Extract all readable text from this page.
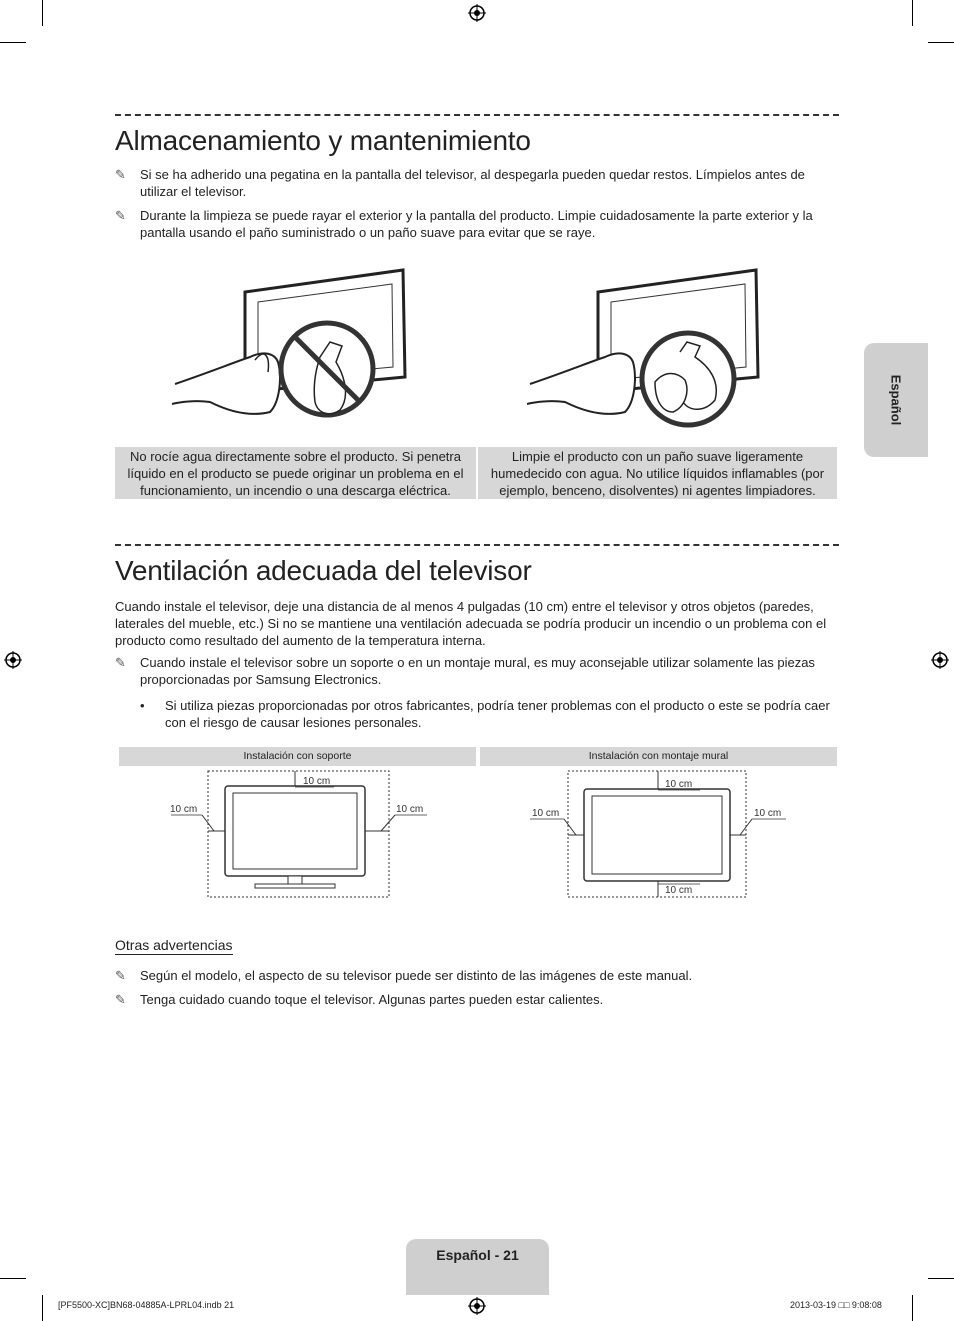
Almacenamiento y mantenimiento
✎ Si se ha adherido una pegatina en la pantalla del televisor, al despegarla pueden quedar restos. Límpielos antes de utilizar el televisor.
✎ Durante la limpieza se puede rayar el exterior y la pantalla del producto. Limpie cuidadosamente la parte exterior y la pantalla usando el paño suministrado o un paño suave para evitar que se raye.
No rocíe agua directamente sobre el producto. Si penetra líquido en el producto se puede originar un problema en el funcionamiento, un incendio o una descarga eléctrica.
Limpie el producto con un paño suave ligeramente humedecido con agua. No utilice líquidos inflamables (por ejemplo, benceno, disolventes) ni agentes limpiadores.
Ventilación adecuada del televisor
Cuando instale el televisor, deje una distancia de al menos 4 pulgadas (10 cm) entre el televisor y otros objetos (paredes, laterales del mueble, etc.) Si no se mantiene una ventilación adecuada se podría producir un incendio o un problema con el producto como resultado del aumento de la temperatura interna.
✎ Cuando instale el televisor sobre un soporte o en un montaje mural, es muy aconsejable utilizar solamente las piezas proporcionadas por Samsung Electronics.
• Si utiliza piezas proporcionadas por otros fabricantes, podría tener problemas con el producto o este se podría caer con el riesgo de causar lesiones personales.
Instalación con soporte	Instalación con montaje mural
10 cm
10 cm	10 cm
10 cm
10 cm
10 cm	10 cm
Otras advertencias
✎ Según el modelo, el aspecto de su televisor puede ser distinto de las imágenes de este manual.
✎ Tenga cuidado cuando toque el televisor. Algunas partes pueden estar calientes.
Español
Español - 21
[PF5500-XC]BN68-04885A-LPRL04.indb 21	2013-03-19 □□ 9:08:08
